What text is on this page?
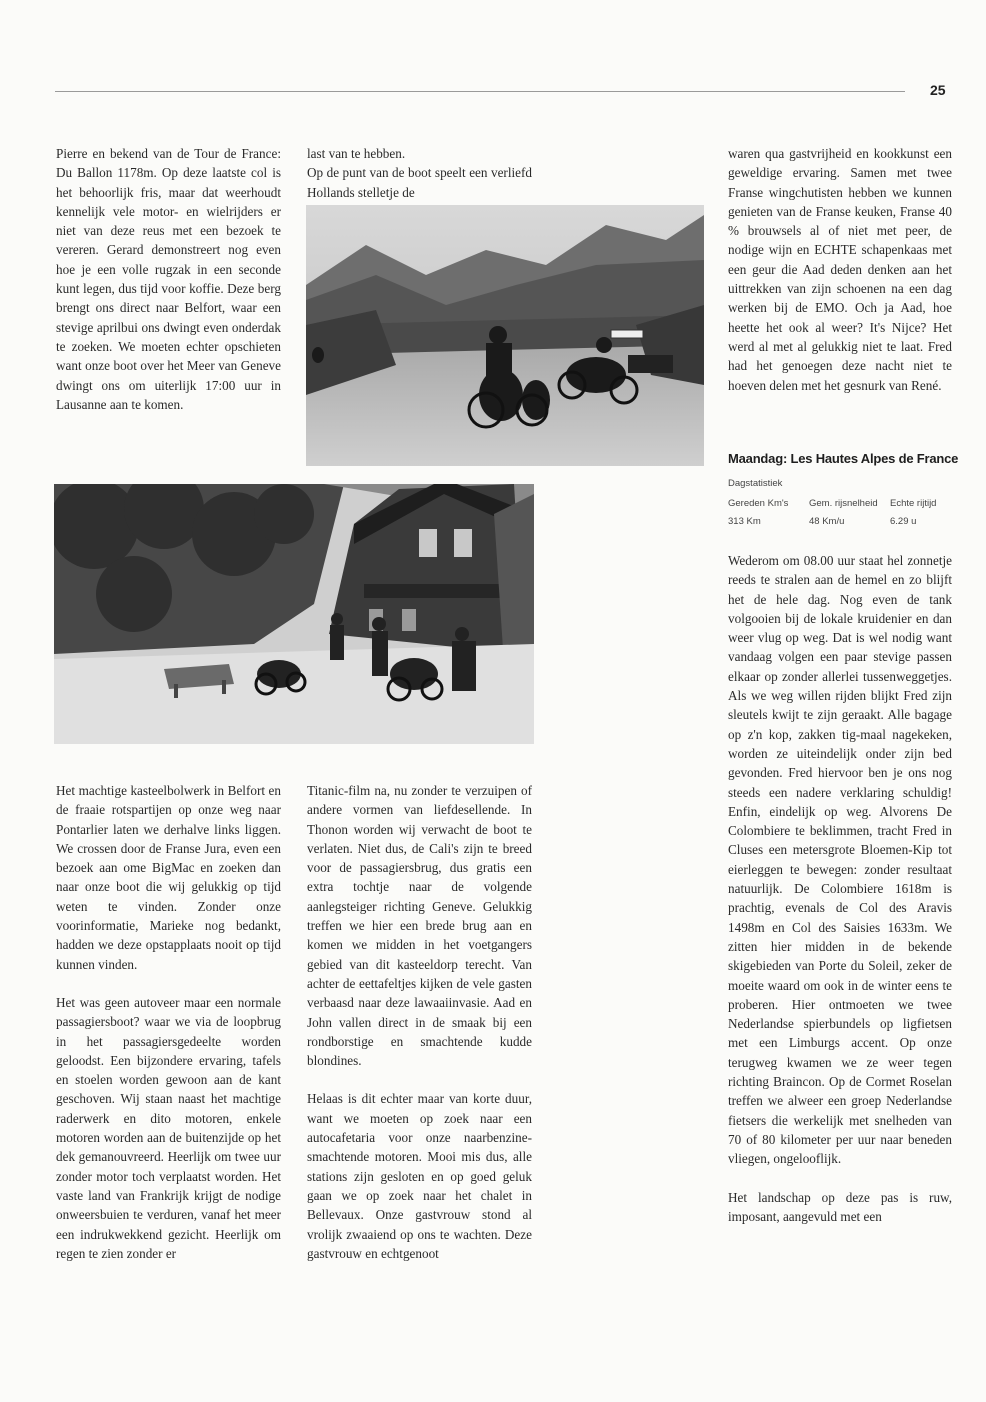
25

Pierre en bekend van de Tour de France: Du Ballon 1178m. Op deze laatste col is het behoorlijk fris, maar dat weerhoudt kennelijk vele motor- en wielrijders er niet van deze reus met een bezoek te vereren. Gerard demonstreert nog even hoe je een volle rugzak in een seconde kunt legen, dus tijd voor koffie. Deze berg brengt ons direct naar Belfort, waar een stevige aprilbui ons dwingt even onderdak te zoeken. We moeten echter opschieten want onze boot over het Meer van Geneve dwingt ons om uiterlijk 17:00 uur in Lausanne aan te komen.

last van te hebben.
Op de punt van de boot speelt een verliefd Hollands stelletje de

Het machtige kasteelbolwerk in Belfort en de fraaie rotspartijen op onze weg naar Pontarlier laten we derhalve links liggen. We crossen door de Franse Jura, even een bezoek aan ome BigMac en zoeken dan naar onze boot die wij gelukkig op tijd weten te vinden. Zonder onze voorinformatie, Marieke nog bedankt, hadden we deze opstapplaats nooit op tijd kunnen vinden.

Het was geen autoveer maar een normale passagiersboot? waar we via de loopbrug in het passagiersgedeelte worden geloodst. Een bijzondere ervaring, tafels en stoelen worden gewoon aan de kant geschoven. Wij staan naast het machtige raderwerk en dito motoren, enkele motoren worden aan de buitenzijde op het dek gemanouvreerd. Heerlijk om twee uur zonder motor toch verplaatst worden. Het vaste land van Frankrijk krijgt de nodige onweersbuien te verduren, vanaf het meer een indrukwekkend gezicht. Heerlijk om regen te zien zonder er

Titanic-film na, nu zonder te verzuipen of andere vormen van liefdesellende. In Thonon worden wij verwacht de boot te verlaten. Niet dus, de Cali's zijn te breed voor de passagiersbrug, dus gratis een extra tochtje naar de volgende aanlegsteiger richting Geneve. Gelukkig treffen we hier een brede brug aan en komen we midden in het voetgangers gebied van dit kasteeldorp terecht. Van achter de eettafeltjes kijken de vele gasten verbaasd naar deze lawaaiinvasie. Aad en John vallen direct in de smaak bij een rondborstige en smachtende kudde blondines.

Helaas is dit echter maar van korte duur, want we moeten op zoek naar een autocafetaria voor onze naarbenzine-smachtende motoren. Mooi mis dus, alle stations zijn gesloten en op goed geluk gaan we op zoek naar het chalet in Bellevaux. Onze gastvrouw stond al vrolijk zwaaiend op ons te wachten. Deze gastvrouw en echtgenoot

waren qua gastvrijheid en kookkunst een geweldige ervaring. Samen met twee Franse wingchutisten hebben we kunnen genieten van de Franse keuken, Franse 40 % brouwsels al of niet met peer, de nodige wijn en ECHTE schapenkaas met een geur die Aad deden denken aan het uittrekken van zijn schoenen na een dag werken bij de EMO. Och ja Aad, hoe heette het ook al weer? It's Nijce? Het werd al met al gelukkig niet te laat. Fred had het genoegen deze nacht niet te hoeven delen met het gesnurk van René.

Maandag: Les Hautes Alpes de France
Dagstatistiek
Gereden Km's	Gem. rijsnelheid	Echte rijtijd
313 Km	48 Km/u	6.29 u

Wederom om 08.00 uur staat hel zonnetje reeds te stralen aan de hemel en zo blijft het de hele dag. Nog even de tank volgooien bij de lokale kruidenier en dan weer vlug op weg. Dat is wel nodig want vandaag volgen een paar stevige passen elkaar op zonder allerlei tussenweggetjes. Als we weg willen rijden blijkt Fred zijn sleutels kwijt te zijn geraakt. Alle bagage op z'n kop, zakken tig-maal nagekeken, worden ze uiteindelijk onder zijn bed gevonden. Fred hiervoor ben je ons nog steeds een nadere verklaring schuldig! Enfin, eindelijk op weg. Alvorens De Colombiere te beklimmen, tracht Fred in Cluses een metersgrote Bloemen-Kip tot eierleggen te bewegen: zonder resultaat natuurlijk. De Colombiere 1618m is prachtig, evenals de Col des Aravis 1498m en Col des Saisies 1633m. We zitten hier midden in de bekende skigebieden van Porte du Soleil, zeker de moeite waard om ook in de winter eens te proberen. Hier ontmoeten we twee Nederlandse spierbundels op ligfietsen met een Limburgs accent. Op onze terugweg kwamen we ze weer tegen richting Braincon. Op de Cormet Roselan treffen we alweer een groep Nederlandse fietsers die werkelijk met snelheden van 70 of 80 kilometer per uur naar beneden vliegen, ongelooflijk.

Het landschap op deze pas is ruw, imposant, aangevuld met een
